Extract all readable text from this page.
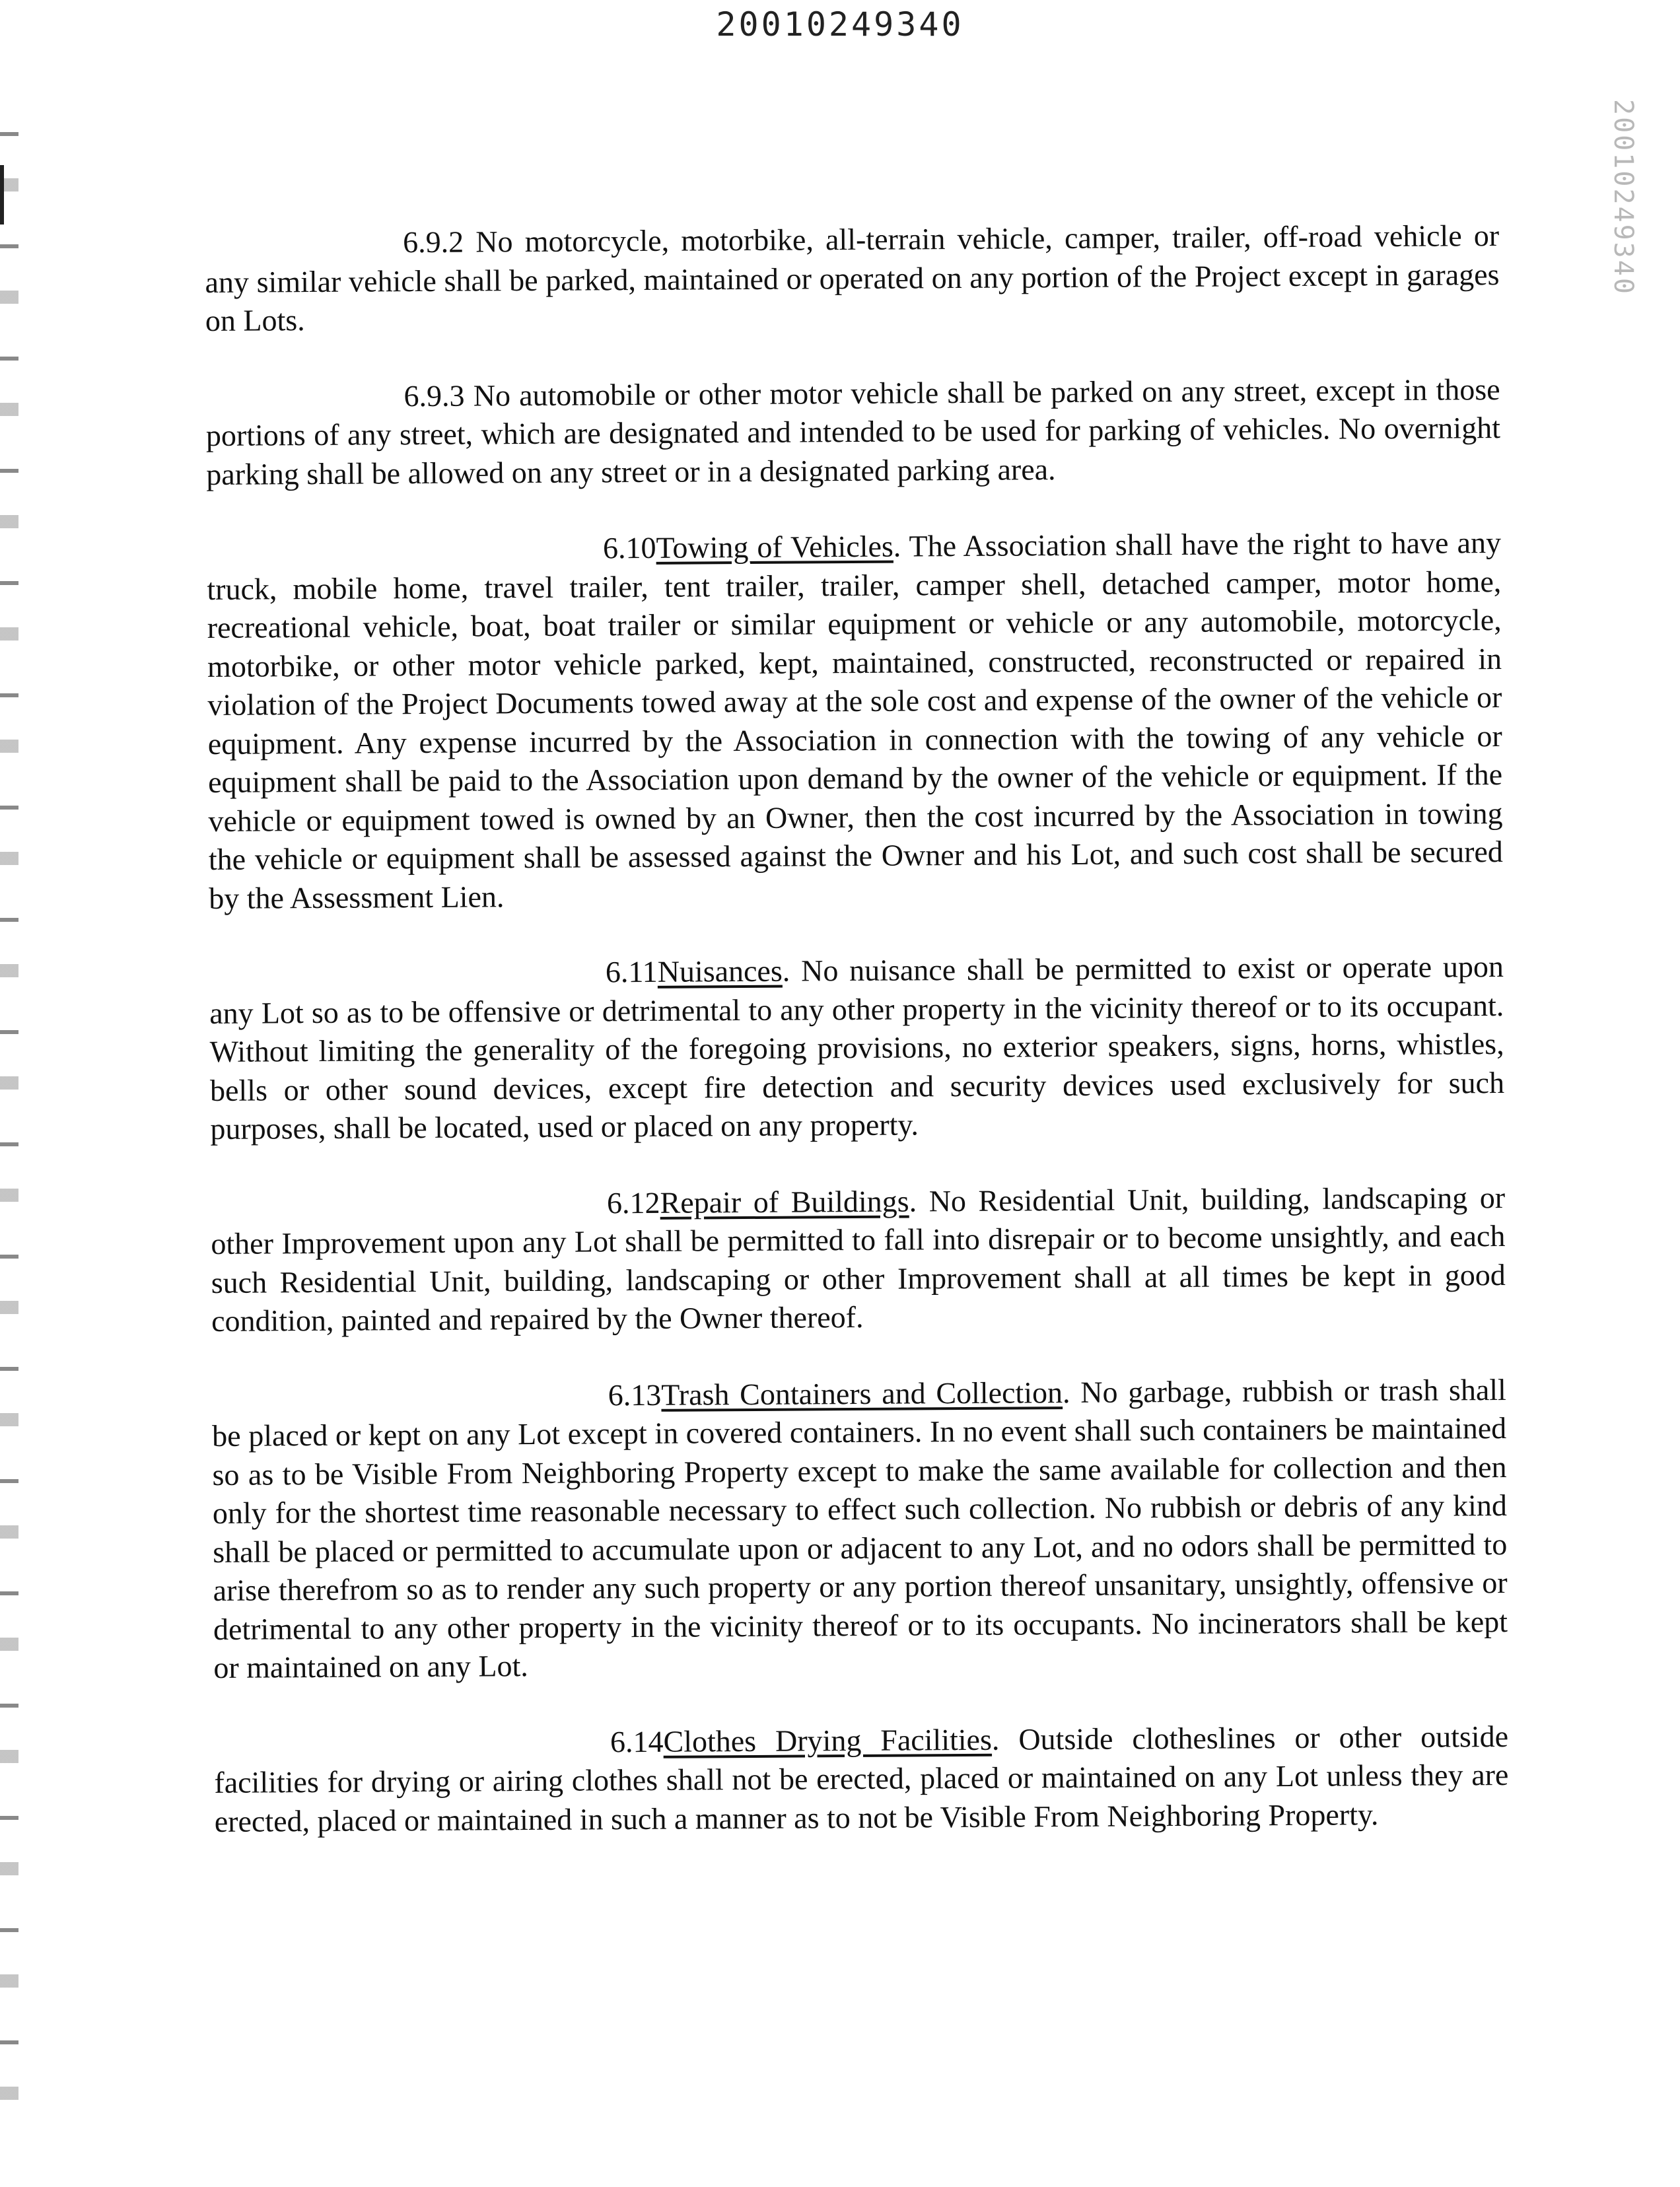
20010249340
20010249340

6.9.2 No motorcycle, motorbike, all-terrain vehicle, camper, trailer, off-road vehicle or any similar vehicle shall be parked, maintained or operated on any portion of the Project except in garages on Lots.

6.9.3 No automobile or other motor vehicle shall be parked on any street, except in those portions of any street, which are designated and intended to be used for parking of vehicles. No overnight parking shall be allowed on any street or in a designated parking area.

6.10Towing of Vehicles. The Association shall have the right to have any truck, mobile home, travel trailer, tent trailer, trailer, camper shell, detached camper, motor home, recreational vehicle, boat, boat trailer or similar equipment or vehicle or any automobile, motorcycle, motorbike, or other motor vehicle parked, kept, maintained, constructed, reconstructed or repaired in violation of the Project Documents towed away at the sole cost and expense of the owner of the vehicle or equipment. Any expense incurred by the Association in connection with the towing of any vehicle or equipment shall be paid to the Association upon demand by the owner of the vehicle or equipment. If the vehicle or equipment towed is owned by an Owner, then the cost incurred by the Association in towing the vehicle or equipment shall be assessed against the Owner and his Lot, and such cost shall be secured by the Assessment Lien.

6.11Nuisances. No nuisance shall be permitted to exist or operate upon any Lot so as to be offensive or detrimental to any other property in the vicinity thereof or to its occupant. Without limiting the generality of the foregoing provisions, no exterior speakers, signs, horns, whistles, bells or other sound devices, except fire detection and security devices used exclusively for such purposes, shall be located, used or placed on any property.

6.12Repair of Buildings. No Residential Unit, building, landscaping or other Improvement upon any Lot shall be permitted to fall into disrepair or to become unsightly, and each such Residential Unit, building, landscaping or other Improvement shall at all times be kept in good condition, painted and repaired by the Owner thereof.

6.13Trash Containers and Collection. No garbage, rubbish or trash shall be placed or kept on any Lot except in covered containers. In no event shall such containers be maintained so as to be Visible From Neighboring Property except to make the same available for collection and then only for the shortest time reasonable necessary to effect such collection. No rubbish or debris of any kind shall be placed or permitted to accumulate upon or adjacent to any Lot, and no odors shall be permitted to arise therefrom so as to render any such property or any portion thereof unsanitary, unsightly, offensive or detrimental to any other property in the vicinity thereof or to its occupants. No incinerators shall be kept or maintained on any Lot.

6.14Clothes Drying Facilities. Outside clotheslines or other outside facilities for drying or airing clothes shall not be erected, placed or maintained on any Lot unless they are erected, placed or maintained in such a manner as to not be Visible From Neighboring Property.
